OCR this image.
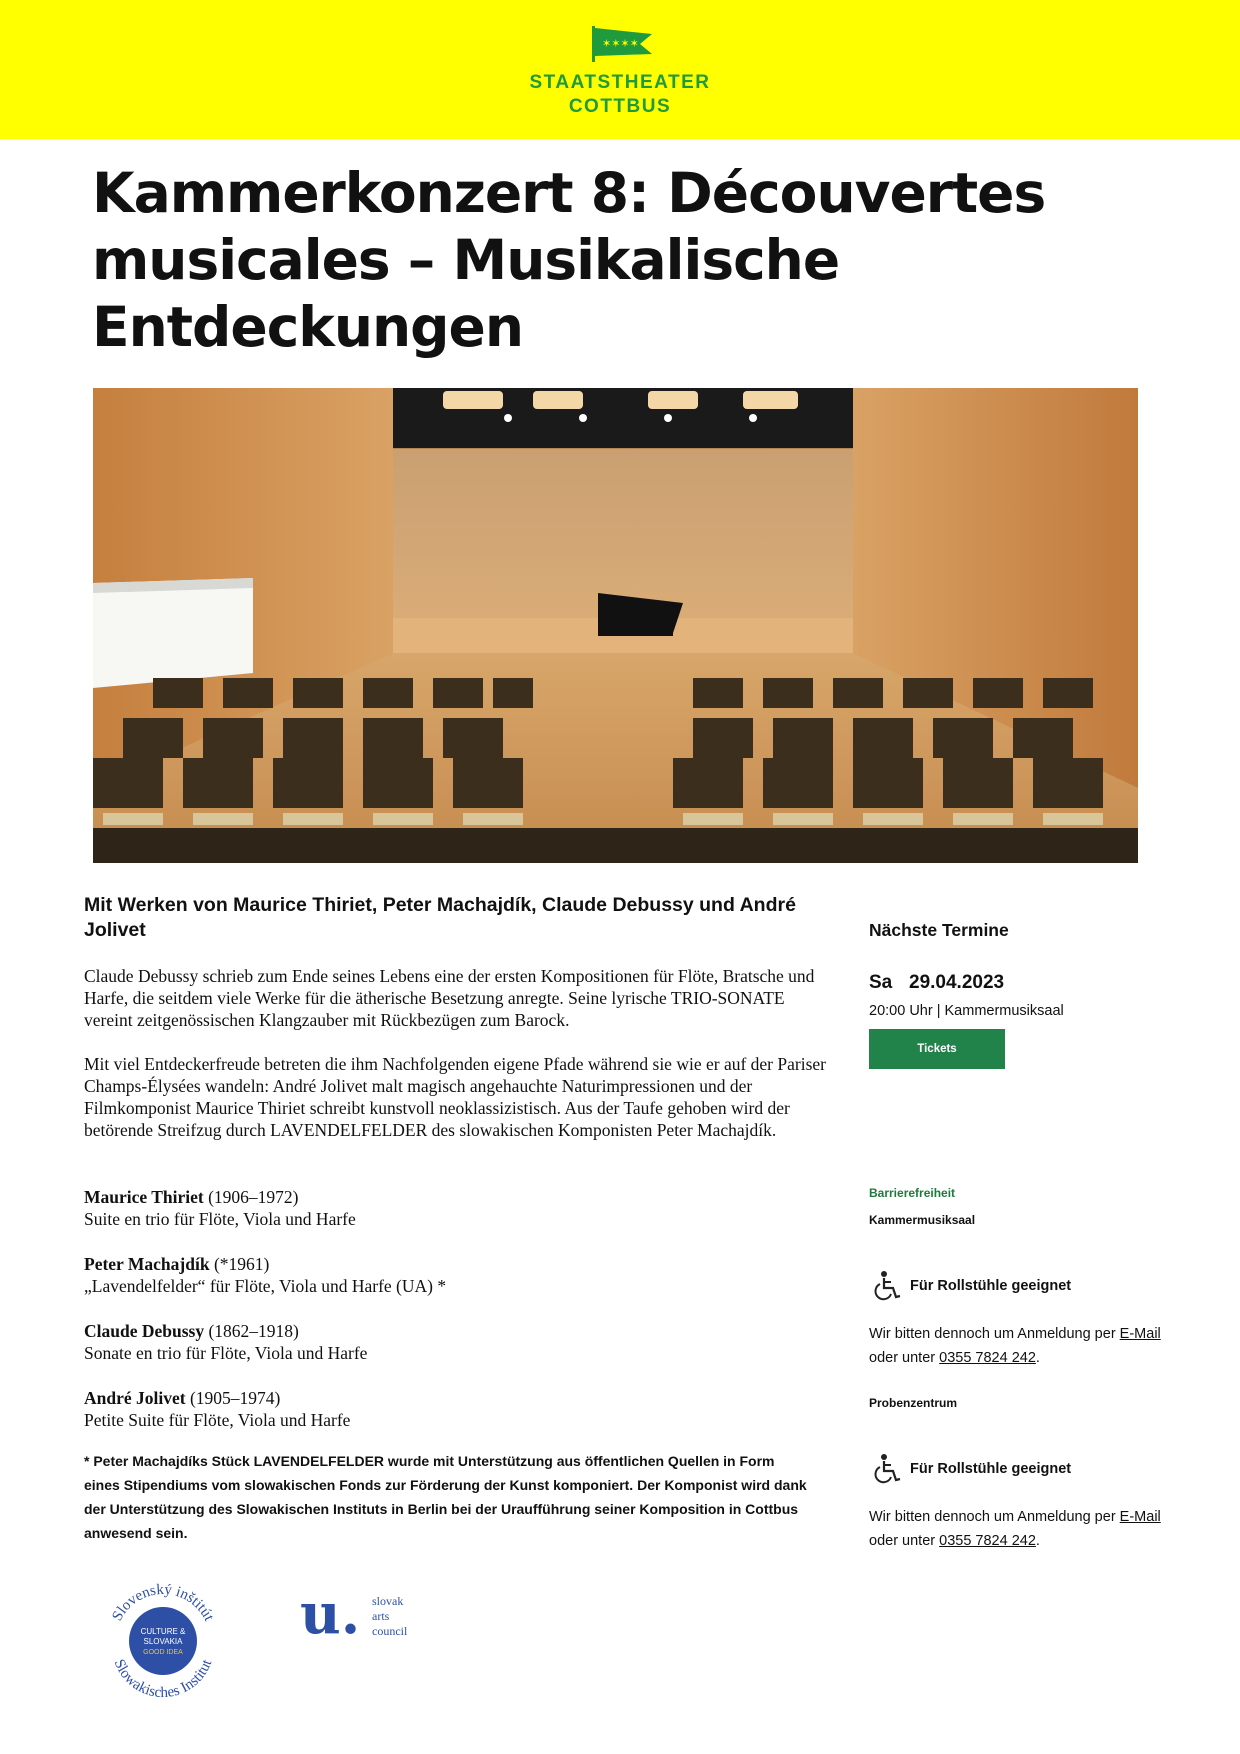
✶✶✶✶
STAATSTHEATER
COTTBUS
Kammerkonzert 8: Découvertes musicales – Musikalische Entdeckungen
Mit Werken von Maurice Thiriet, Peter Machajdík, Claude Debussy und André Jolivet

Claude Debussy schrieb zum Ende seines Lebens eine der ersten Kompositionen für Flöte, Bratsche und Harfe, die seitdem viele Werke für die ätherische Besetzung anregte. Seine lyrische TRIO-SONATE vereint zeitgenössischen Klangzauber mit Rückbezügen zum Barock.

Mit viel Entdeckerfreude betreten die ihm Nachfolgenden eigene Pfade während sie wie er auf der Pariser Champs-Élysées wandeln: André Jolivet malt magisch angehauchte Naturimpressionen und der Filmkomponist Maurice Thiriet schreibt kunstvoll neoklassizistisch. Aus der Taufe gehoben wird der betörende Streifzug durch LAVENDELFELDER des slowakischen Komponisten Peter Machajdík.

Maurice Thiriet (1906–1972)
Suite en trio für Flöte, Viola und Harfe
Peter Machajdík (*1961)
„Lavendelfelder“ für Flöte, Viola und Harfe (UA) *
Claude Debussy (1862–1918)
Sonate en trio für Flöte, Viola und Harfe
André Jolivet (1905–1974)
Petite Suite für Flöte, Viola und Harfe

* Peter Machajdíks Stück LAVENDELFELDER wurde mit Unterstützung aus öffentlichen Quellen in Form eines Stipendiums vom slowakischen Fonds zur Förderung der Kunst komponiert. Der Komponist wird dank der Unterstützung des Slowakischen Instituts in Berlin bei der Uraufführung seiner Komposition in Cottbus anwesend sein.

Nächste Termine
Sa 29.04.2023
20:00 Uhr | Kammermusiksaal
Tickets
Barrierefreiheit
Kammermusiksaal
Für Rollstühle geeignet

Wir bitten dennoch um Anmeldung per E-Mail oder unter 0355 7824 242.

Probenzentrum
Für Rollstühle geeignet

Wir bitten dennoch um Anmeldung per E-Mail oder unter 0355 7824 242.

Slovenský inštitút
Slowakisches Institut
CULTURE &
SLOVAKIA
GOOD IDEA
u. slovak
arts
council
